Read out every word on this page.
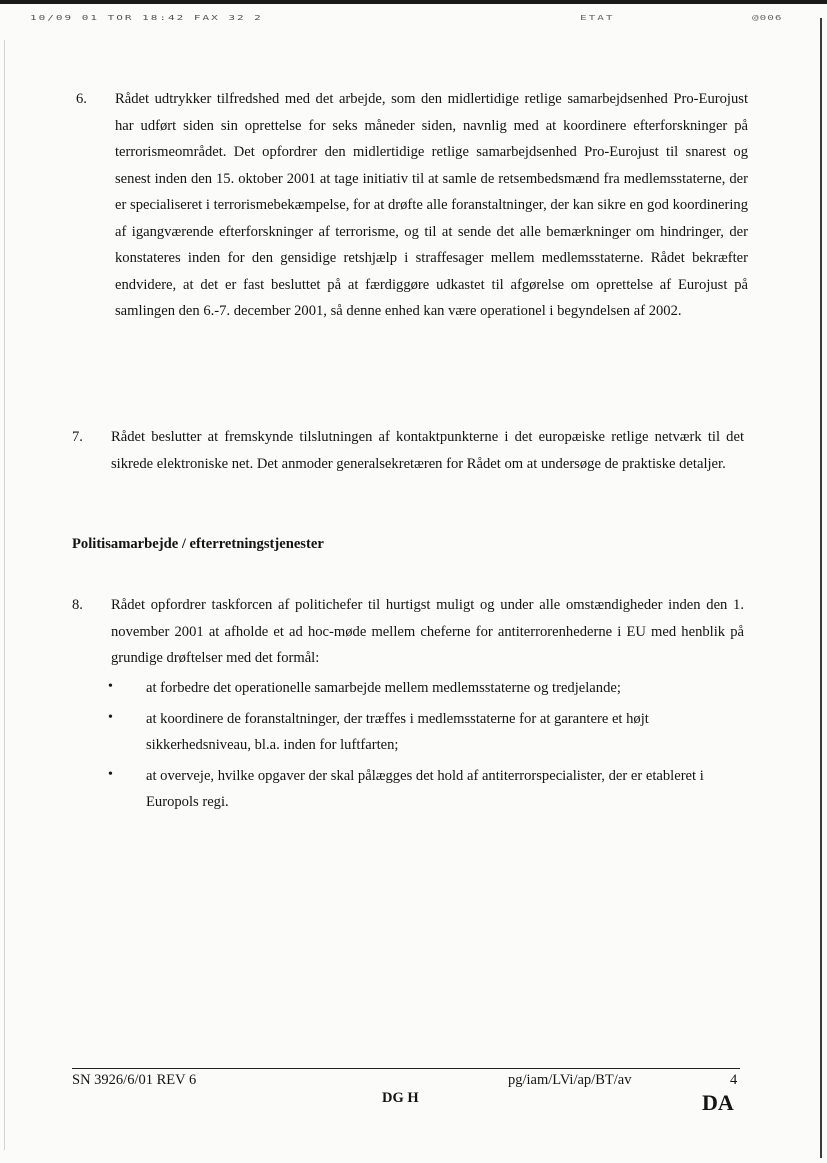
10/09 01 TOR 18:42 FAX 32 2	ETAT	@006
6. Rådet udtrykker tilfredshed med det arbejde, som den midlertidige retlige samarbejdsenhed Pro-Eurojust har udført siden sin oprettelse for seks måneder siden, navnlig med at koordinere efterforskninger på terrorismeområdet. Det opfordrer den midlertidige retlige samarbejdsenhed Pro-Eurojust til snarest og senest inden den 15. oktober 2001 at tage initiativ til at samle de retsembedsmænd fra medlemsstaterne, der er specialiseret i terrorismebekæmpelse, for at drøfte alle foranstaltninger, der kan sikre en god koordinering af igangværende efterforskninger af terrorisme, og til at sende det alle bemærkninger om hindringer, der konstateres inden for den gensidige retshjælp i straffesager mellem medlemsstaterne. Rådet bekræfter endvidere, at det er fast besluttet på at færdiggøre udkastet til afgørelse om oprettelse af Eurojust på samlingen den 6.-7. december 2001, så denne enhed kan være operationel i begyndelsen af 2002.
7. Rådet beslutter at fremskynde tilslutningen af kontaktpunkterne i det europæiske retlige netværk til det sikrede elektroniske net. Det anmoder generalsekretæren for Rådet om at undersøge de praktiske detaljer.
Politisamarbejde / efterretningstjenester
8. Rådet opfordrer taskforcen af politichefer til hurtigst muligt og under alle omstændigheder inden den 1. november 2001 at afholde et ad hoc-møde mellem cheferne for antiterrorenhederne i EU med henblik på grundige drøftelser med det formål:
• at forbedre det operationelle samarbejde mellem medlemsstaterne og tredjelande;
• at koordinere de foranstaltninger, der træffes i medlemsstaterne for at garantere et højt sikkerhedsniveau, bl.a. inden for luftfarten;
• at overveje, hvilke opgaver der skal pålægges det hold af antiterrorspecialister, der er etableret i Europols regi.
SN 3926/6/01 REV 6
DG H
pg/iam/LVi/ap/BT/av	4
DA
